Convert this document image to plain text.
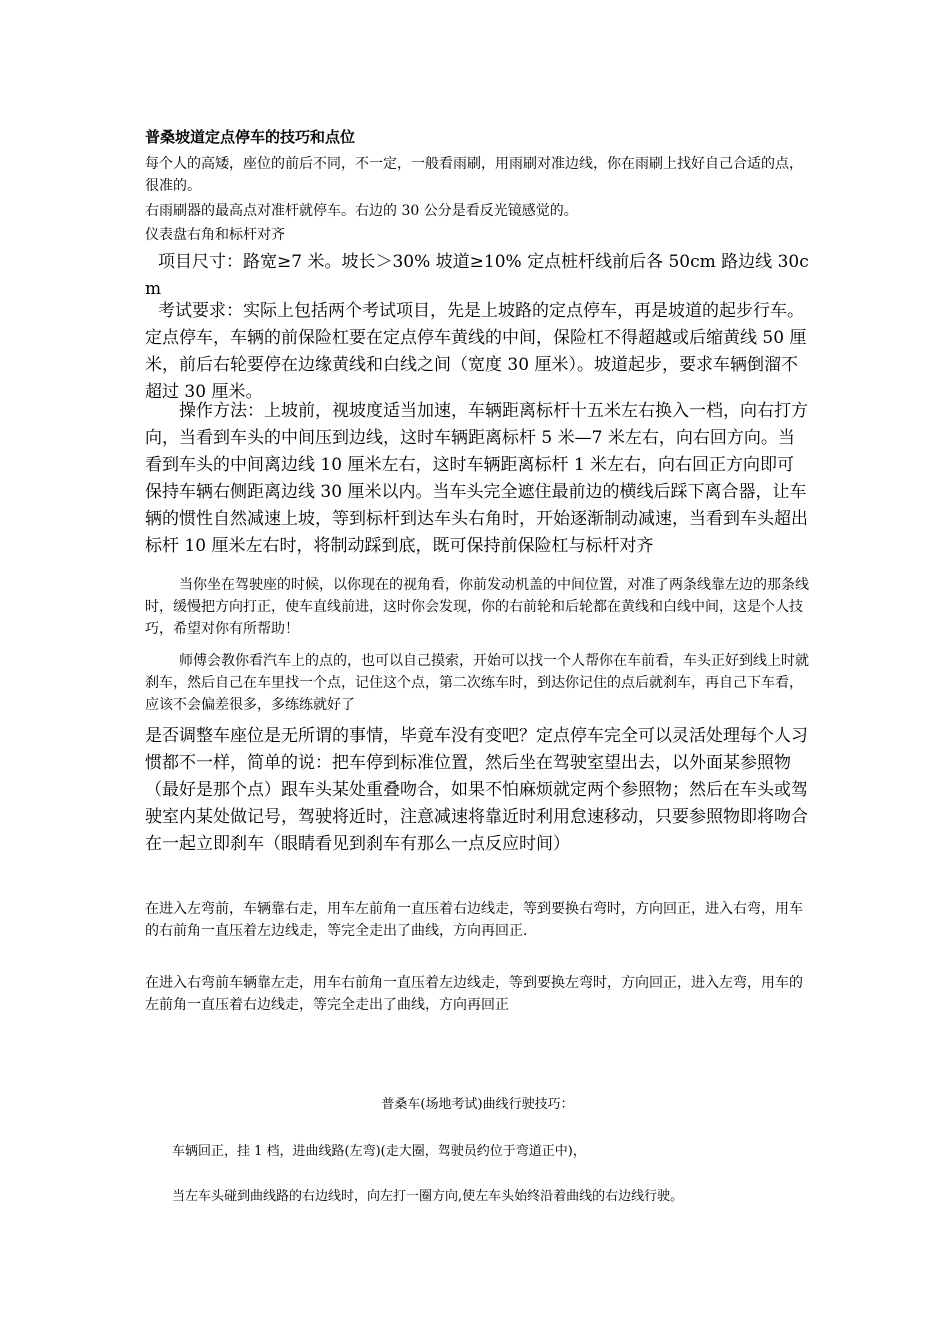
普桑坡道定点停车的技巧和点位

每个人的高矮，座位的前后不同，不一定，一般看雨刷，用雨刷对准边线，你在雨刷上找好自己合适的点，很准的。

右雨刷器的最高点对准杆就停车。右边的 30 公分是看反光镜感觉的。

仪表盘右角和标杆对齐

项目尺寸：路宽≥7 米。坡长＞30% 坡道≥10% 定点桩杆线前后各 50cm 路边线 30cm

考试要求：实际上包括两个考试项目，先是上坡路的定点停车，再是坡道的起步行车。定点停车，车辆的前保险杠要在定点停车黄线的中间，保险杠不得超越或后缩黄线 50 厘米，前后右轮要停在边缘黄线和白线之间（宽度 30 厘米）。坡道起步，要求车辆倒溜不超过 30 厘米。

操作方法：上坡前，视坡度适当加速，车辆距离标杆十五米左右换入一档，向右打方向，当看到车头的中间压到边线，这时车辆距离标杆 5 米—7 米左右，向右回方向。当看到车头的中间离边线 10 厘米左右，这时车辆距离标杆 1 米左右，向右回正方向即可保持车辆右侧距离边线 30 厘米以内。当车头完全遮住最前边的横线后踩下离合器，让车辆的惯性自然减速上坡，等到标杆到达车头右角时，开始逐渐制动减速，当看到车头超出标杆 10 厘米左右时，将制动踩到底，既可保持前保险杠与标杆对齐

当你坐在驾驶座的时候，以你现在的视角看，你前发动机盖的中间位置，对准了两条线靠左边的那条线时，缓慢把方向打正，使车直线前进，这时你会发现，你的右前轮和后轮都在黄线和白线中间，这是个人技巧，希望对你有所帮助！

师傅会教你看汽车上的点的，也可以自己摸索，开始可以找一个人帮你在车前看，车头正好到线上时就刹车，然后自己在车里找一个点，记住这个点，第二次练车时，到达你记住的点后就刹车，再自己下车看，应该不会偏差很多，多练练就好了

是否调整车座位是无所谓的事情，毕竟车没有变吧？定点停车完全可以灵活处理每个人习惯都不一样，简单的说：把车停到标准位置，然后坐在驾驶室望出去，以外面某参照物（最好是那个点）跟车头某处重叠吻合，如果不怕麻烦就定两个参照物；然后在车头或驾驶室内某处做记号，驾驶将近时，注意减速将靠近时利用怠速移动，只要参照物即将吻合在一起立即刹车（眼睛看见到刹车有那么一点反应时间）

在进入左弯前，车辆靠右走，用车左前角一直压着右边线走，等到要换右弯时，方向回正，进入右弯，用车的右前角一直压着左边线走，等完全走出了曲线，方向再回正.

在进入右弯前车辆靠左走，用车右前角一直压着左边线走，等到要换左弯时，方向回正，进入左弯，用车的左前角一直压着右边线走，等完全走出了曲线，方向再回正

普桑车(场地考试)曲线行驶技巧：

车辆回正，挂 1 档，进曲线路(左弯)(走大圈，驾驶员约位于弯道正中)，

当左车头碰到曲线路的右边线时，向左打一圈方向,使左车头始终沿着曲线的右边线行驶。
